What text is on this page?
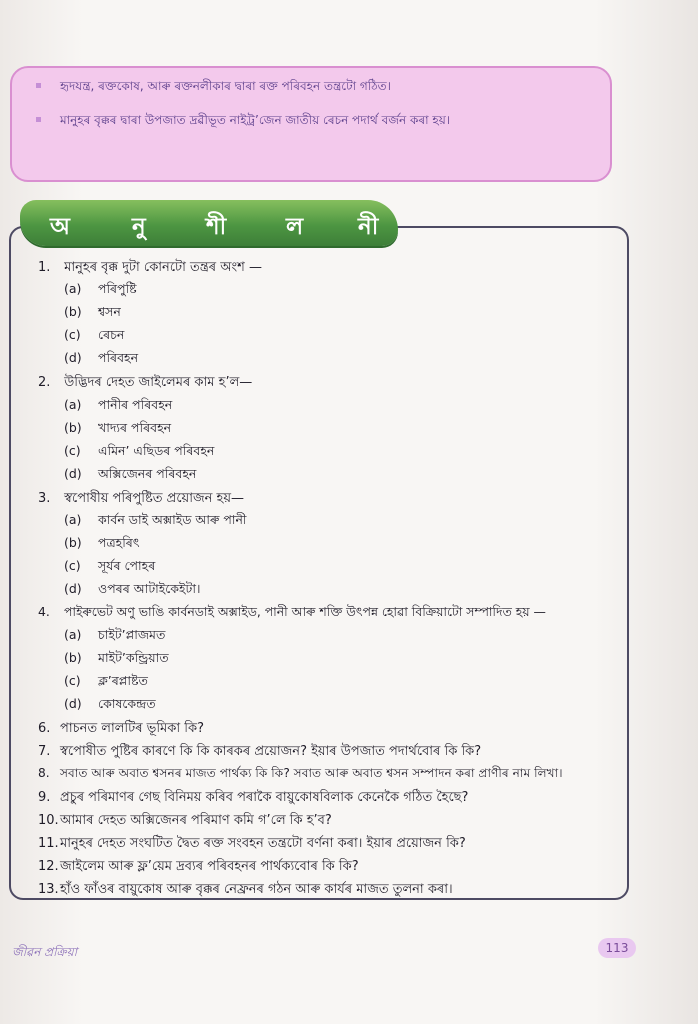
হৃদযন্ত্র, ৰক্তকোষ, আৰু ৰক্তনলীকাৰ দ্বাৰা ৰক্ত পৰিবহন তন্ত্রটো গঠিত।
মানুহৰ বৃক্কৰ দ্বাৰা উপজাত দ্ৰৱীভূত নাইট্ৰ’জেন জাতীয় ৰেচন পদাৰ্থ বৰ্জন কৰা হয়।
অ	নু	শী	ল নী
1. মানুহৰ বৃক্ক দুটা কোনটো তন্ত্ৰৰ অংশ —
(a) পৰিপুষ্টি
(b) শ্বসন
(c) ৰেচন
(d) পৰিবহন
2. উদ্ভিদৰ দেহত জাইলেমৰ কাম হ’ল—
(a) পানীৰ পৰিবহন
(b) খাদ্যৰ পৰিবহন
(c) এমিন’ এছিডৰ পৰিবহন
(d) অক্সিজেনৰ পৰিবহন
3. স্বপোষীয় পৰিপুষ্টিত প্ৰয়োজন হয়—
(a) কাৰ্বন ডাই অক্সাইড আৰু পানী
(b) পত্ৰহৰিৎ
(c) সূৰ্যৰ পোহৰ
(d) ওপৰৰ আটাইকেইটা।
4. পাইৰুভেট অণু ভাঙি কাৰ্বনডাই অক্সাইড, পানী আৰু শক্তি উৎপন্ন হোৱা বিক্ৰিয়াটো সম্পাদিত হয় —
(a) চাইট’প্লাজমত
(b) মাইট’কন্ড্ৰিয়াত
(c) ক্ল’ৰপ্লাষ্টত
(d) কোষকেন্দ্ৰত
6. পাচনত লালটিৰ ভূমিকা কি?
7. স্বপোষীত পুষ্টিৰ কাৰণে কি কি কাৰকৰ প্ৰয়োজন? ইয়াৰ উপজাত পদাৰ্থবোৰ কি কি?
8. সবাত আৰু অবাত শ্বসনৰ মাজত পাৰ্থক্য কি কি? সবাত আৰু অবাত শ্বসন সম্পাদন কৰা প্ৰাণীৰ নাম লিখা।
9. প্ৰচুৰ পৰিমাণৰ গেছ বিনিময় কৰিব পৰাকৈ বায়ুকোষবিলাক কেনেকৈ গঠিত হৈছে?
10.আমাৰ দেহত অক্সিজেনৰ পৰিমাণ কমি গ’লে কি হ’ব?
11.মানুহৰ দেহত সংঘটিত দ্বৈত ৰক্ত সংবহন তন্ত্ৰটো বৰ্ণনা কৰা। ইয়াৰ প্ৰয়োজন কি?
12.জাইলেম আৰু ফ্ল’য়েম দ্ৰব্যৰ পৰিবহনৰ পাৰ্থক্যবোৰ কি কি?
13.হাঁও ফাঁওৰ বায়ুকোষ আৰু বৃক্কৰ নেফ্ৰনৰ গঠন আৰু কাৰ্যৰ মাজত তুলনা কৰা।
জীৱন প্ৰক্ৰিয়া	113
